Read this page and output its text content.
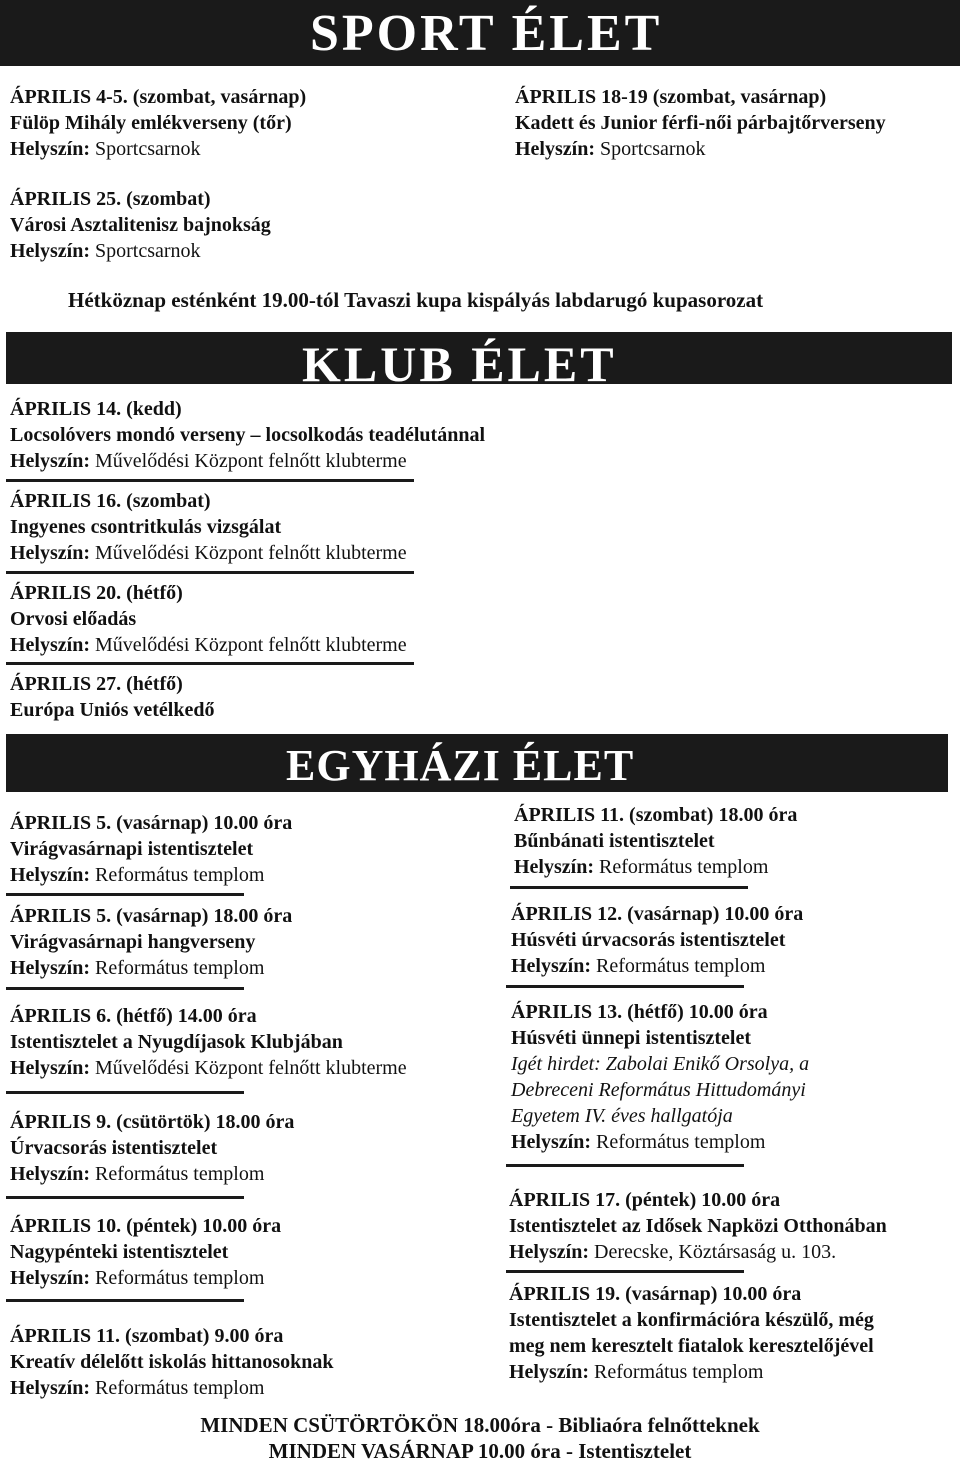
SPORT ÉLET
ÁPRILIS 4-5. (szombat, vasárnap)
Fülöp Mihály emlékverseny (tőr)
Helyszín: Sportcsarnok
ÁPRILIS 18-19 (szombat, vasárnap)
Kadett és Junior férfi-női párbajtőrverseny
Helyszín: Sportcsarnok
ÁPRILIS 25. (szombat)
Városi Asztalitenisz bajnokság
Helyszín: Sportcsarnok
Hétköznap esténként 19.00-tól Tavaszi kupa kispályás labdarugó kupasorozat
KLUB ÉLET
ÁPRILIS 14. (kedd)
Locsolóvers mondó verseny – locsolkodás teadélutánnal
Helyszín: Művelődési Központ felnőtt klubterme
ÁPRILIS 16. (szombat)
Ingyenes csontritkulás vizsgálat
Helyszín: Művelődési Központ felnőtt klubterme
ÁPRILIS 20. (hétfő)
Orvosi előadás
Helyszín: Művelődési Központ felnőtt klubterme
ÁPRILIS 27. (hétfő)
Európa Uniós vetélkedő
EGYHÁZI ÉLET
ÁPRILIS 5. (vasárnap) 10.00 óra
Virágvasárnapi istentisztelet
Helyszín: Református templom
ÁPRILIS 5. (vasárnap) 18.00 óra
Virágvasárnapi hangverseny
Helyszín: Református templom
ÁPRILIS 6. (hétfő) 14.00 óra
Istentisztelet a Nyugdíjasok Klubjában
Helyszín: Művelődési Központ felnőtt klubterme
ÁPRILIS 9. (csütörtök) 18.00 óra
Úrvacsorás istentisztelet
Helyszín: Református templom
ÁPRILIS 10. (péntek) 10.00 óra
Nagypénteki istentisztelet
Helyszín: Református templom
ÁPRILIS 11. (szombat) 9.00 óra
Kreatív délelőtt iskolás hittanosoknak
Helyszín: Református templom
ÁPRILIS 11. (szombat) 18.00 óra
Bűnbánati istentisztelet
Helyszín: Református templom
ÁPRILIS 12. (vasárnap) 10.00 óra
Húsvéti úrvacsorás istentisztelet
Helyszín: Református templom
ÁPRILIS 13. (hétfő) 10.00 óra
Húsvéti ünnepi istentisztelet
Igét hirdet: Zabolai Enikő Orsolya, a
Debreceni Református Hittudományi
Egyetem IV. éves hallgatója
Helyszín: Református templom
ÁPRILIS 17. (péntek) 10.00 óra
Istentisztelet az Idősek Napközi Otthonában
Helyszín: Derecske, Köztársaság u. 103.
ÁPRILIS 19. (vasárnap) 10.00 óra
Istentisztelet a konfirmációra készülő, még
meg nem keresztelt fiatalok keresztelőjével
Helyszín: Református templom
MINDEN CSÜTÖRTÖKÖN 18.00óra - Bibliaóra felnőtteknek
MINDEN VASÁRNAP 10.00 óra - Istentisztelet
